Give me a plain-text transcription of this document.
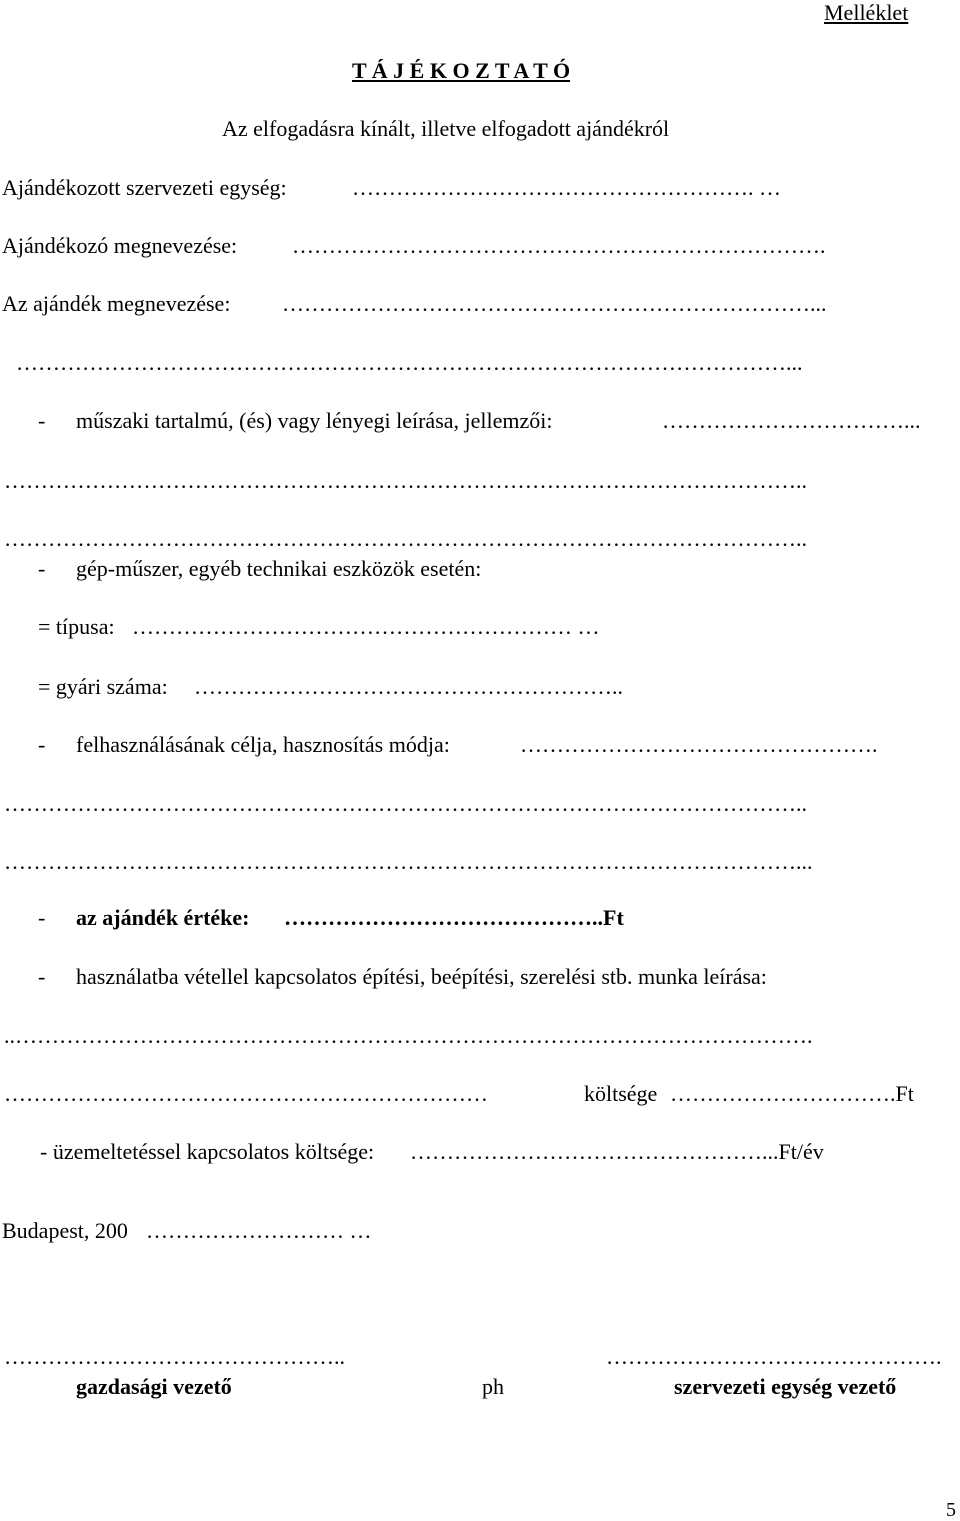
Melléklet
T Á J É K O Z T A T Ó
Az elfogadásra kínált, illetve elfogadott ajándékról
Ajándékozott szervezeti egység:	………………………………………………. …
Ajándékozó megnevezése: ……………………………………………………………….
Az ajándék megnevezése: ………………………………………………………………...
……………………………………………………………………………………………...
- műszaki tartalmú, (és) vagy lényegi leírása, jellemzői:	……………………………...
………………………………………………………………………………………………..
………………………………………………………………………………………………..
- gép-műszer, egyéb technikai eszközök esetén:
= típusa: …………………………………………………… …
= gyári száma: …………………………………………………..
- felhasználásának célja, hasznosítás módja:	………………………………………….
………………………………………………………………………………………………..
………………………………………………………………………………………………...
- az ajándék értéke: ……………………………………..Ft
- használatba vétellel kapcsolatos építési, beépítési, szerelési stb. munka leírása:
..……………………………………………………………………………………………….
…………………………………………………………	költsége ………………………….Ft
- üzemeltetéssel kapcsolatos költsége: …………………………………………...Ft/év
Budapest, 200 ……………………… …
………………………………………..
gazdasági vezető	ph
……………………………………….
szervezeti egység vezető
5
